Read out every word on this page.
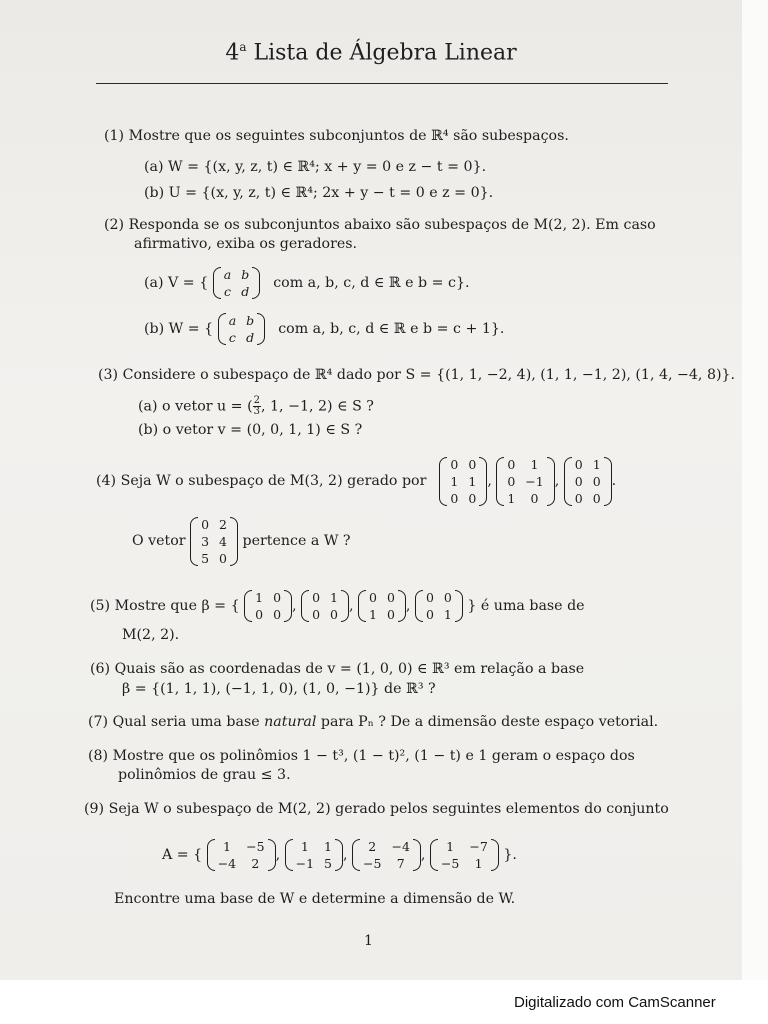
4$^a$ Lista de Álgebra Linear
(1) Mostre que os seguintes subconjuntos de ℝ⁴ são subespaços.
(a) W = {(x, y, z, t) ∈ ℝ⁴; x + y = 0 e z − t = 0}.
(b) U = {(x, y, z, t) ∈ ℝ⁴; 2x + y − t = 0 e z = 0}.
(2) Responda se os subconjuntos abaixo são subespaços de M(2, 2). Em caso
afirmativo, exiba os geradores.
(a) V = {
a b
c d
com a, b, c, d ∈ ℝ e b = c}.
(b) W = {
a b
c d
com a, b, c, d ∈ ℝ e b = c + 1}.
(3) Considere o subespaço de ℝ⁴ dado por S = {(1, 1, −2, 4), (1, 1, −1, 2), (1, 4, −4, 8)}.
(a) o vetor u = ( $\frac{2}{3}$ , 1, −1, 2) ∈ S ?
(b) o vetor v = (0, 0, 1, 1) ∈ S ?
(4) Seja W o subespaço de M(3, 2) gerado por
0 0
1 1
0 0
,
0	1
0 −1
1	0
,
0 1
0 0
0 0
.
O vetor
0 2
3 4
5 0
pertence a W ?
(5) Mostre que β = {
1 0
0 0
,
0 1
0 0
,
0 0
1 0
,
0 0
0 1
} é uma base de
M(2, 2).
(6) Quais são as coordenadas de v = (1, 0, 0) ∈ ℝ³ em relação a base
β = {(1, 1, 1), (−1, 1, 0), (1, 0, −1)} de ℝ³ ?
(7) Qual seria uma base natural para Pₙ ? De a dimensão deste espaço vetorial.
(8) Mostre que os polinômios 1 − t³, (1 − t)², (1 − t) e 1 geram o espaço dos
polinômios de grau ≤ 3.
(9) Seja W o subespaço de M(2, 2) gerado pelos seguintes elementos do conjunto
A = {
1	−5
−4	2
,
1	1
−1 5
,
2	−4
−5	7
,
1	−7
−5	1
}.
Encontre uma base de W e determine a dimensão de W.
1
Digitalizado com CamScanner
